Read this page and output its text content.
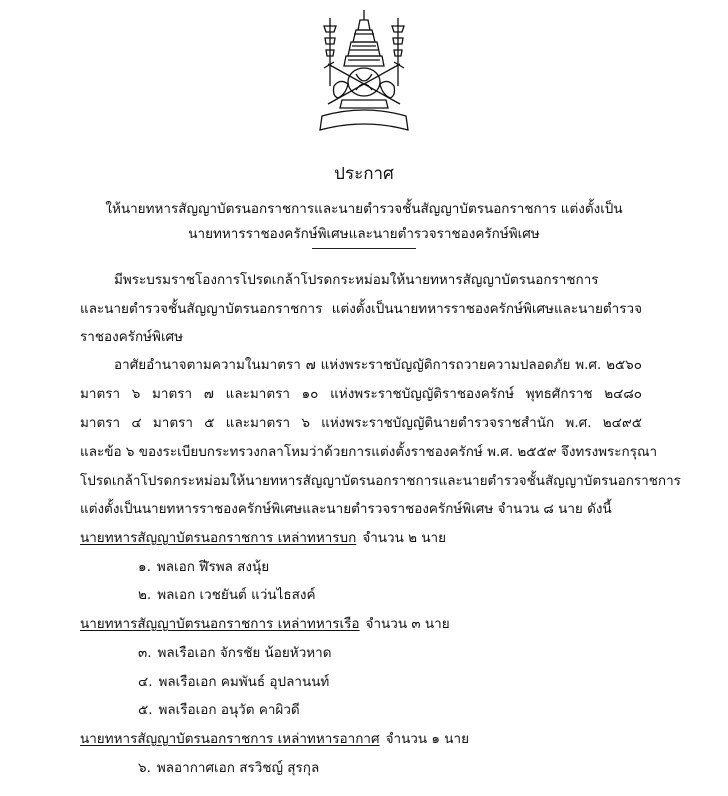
ประกาศ
ให้นายทหารสัญญาบัตรนอกราชการและนายตำรวจชั้นสัญญาบัตรนอกราชการ แต่งตั้งเป็น
นายทหารราชองครักษ์พิเศษและนายตำรวจราชองครักษ์พิเศษ
มีพระบรมราชโองการโปรดเกล้าโปรดกระหม่อมให้นายทหารสัญญาบัตรนอกราชการ
และนายตำรวจชั้นสัญญาบัตรนอกราชการ แต่งตั้งเป็นนายทหารราชองครักษ์พิเศษและนายตำรวจ
ราชองครักษ์พิเศษ
อาศัยอำนาจตามความในมาตรา ๗ แห่งพระราชบัญญัติการถวายความปลอดภัย พ.ศ. ๒๕๖๐
มาตรา ๖ มาตรา ๗ และมาตรา ๑๐ แห่งพระราชบัญญัติราชองครักษ์ พุทธศักราช ๒๔๘๐
มาตรา ๔ มาตรา ๕ และมาตรา ๖ แห่งพระราชบัญญัตินายตำรวจราชสำนัก พ.ศ. ๒๔๙๕
และข้อ ๖ ของระเบียบกระทรวงกลาโหมว่าด้วยการแต่งตั้งราชองครักษ์ พ.ศ. ๒๕๕๙ จึงทรงพระกรุณา
โปรดเกล้าโปรดกระหม่อมให้นายทหารสัญญาบัตรนอกราชการและนายตำรวจชั้นสัญญาบัตรนอกราชการ
แต่งตั้งเป็นนายทหารราชองครักษ์พิเศษและนายตำรวจราชองครักษ์พิเศษ จำนวน ๘ นาย ดังนี้
นายทหารสัญญาบัตรนอกราชการ เหล่าทหารบก จำนวน ๒ นาย
๑. พลเอก ฬีรพล สงนุ้ย
๒. พลเอก เวชยันต์ แว่นไธสงค์
นายทหารสัญญาบัตรนอกราชการ เหล่าทหารเรือ จำนวน ๓ นาย
๓. พลเรือเอก จักรชัย น้อยหัวหาด
๔. พลเรือเอก คมพันธ์ อุปลานนท์
๕. พลเรือเอก อนุวัต คาผิวดี
นายทหารสัญญาบัตรนอกราชการ เหล่าทหารอากาศ จำนวน ๑ นาย
๖. พลอากาศเอก สรวิชญ์ สุรกุล
